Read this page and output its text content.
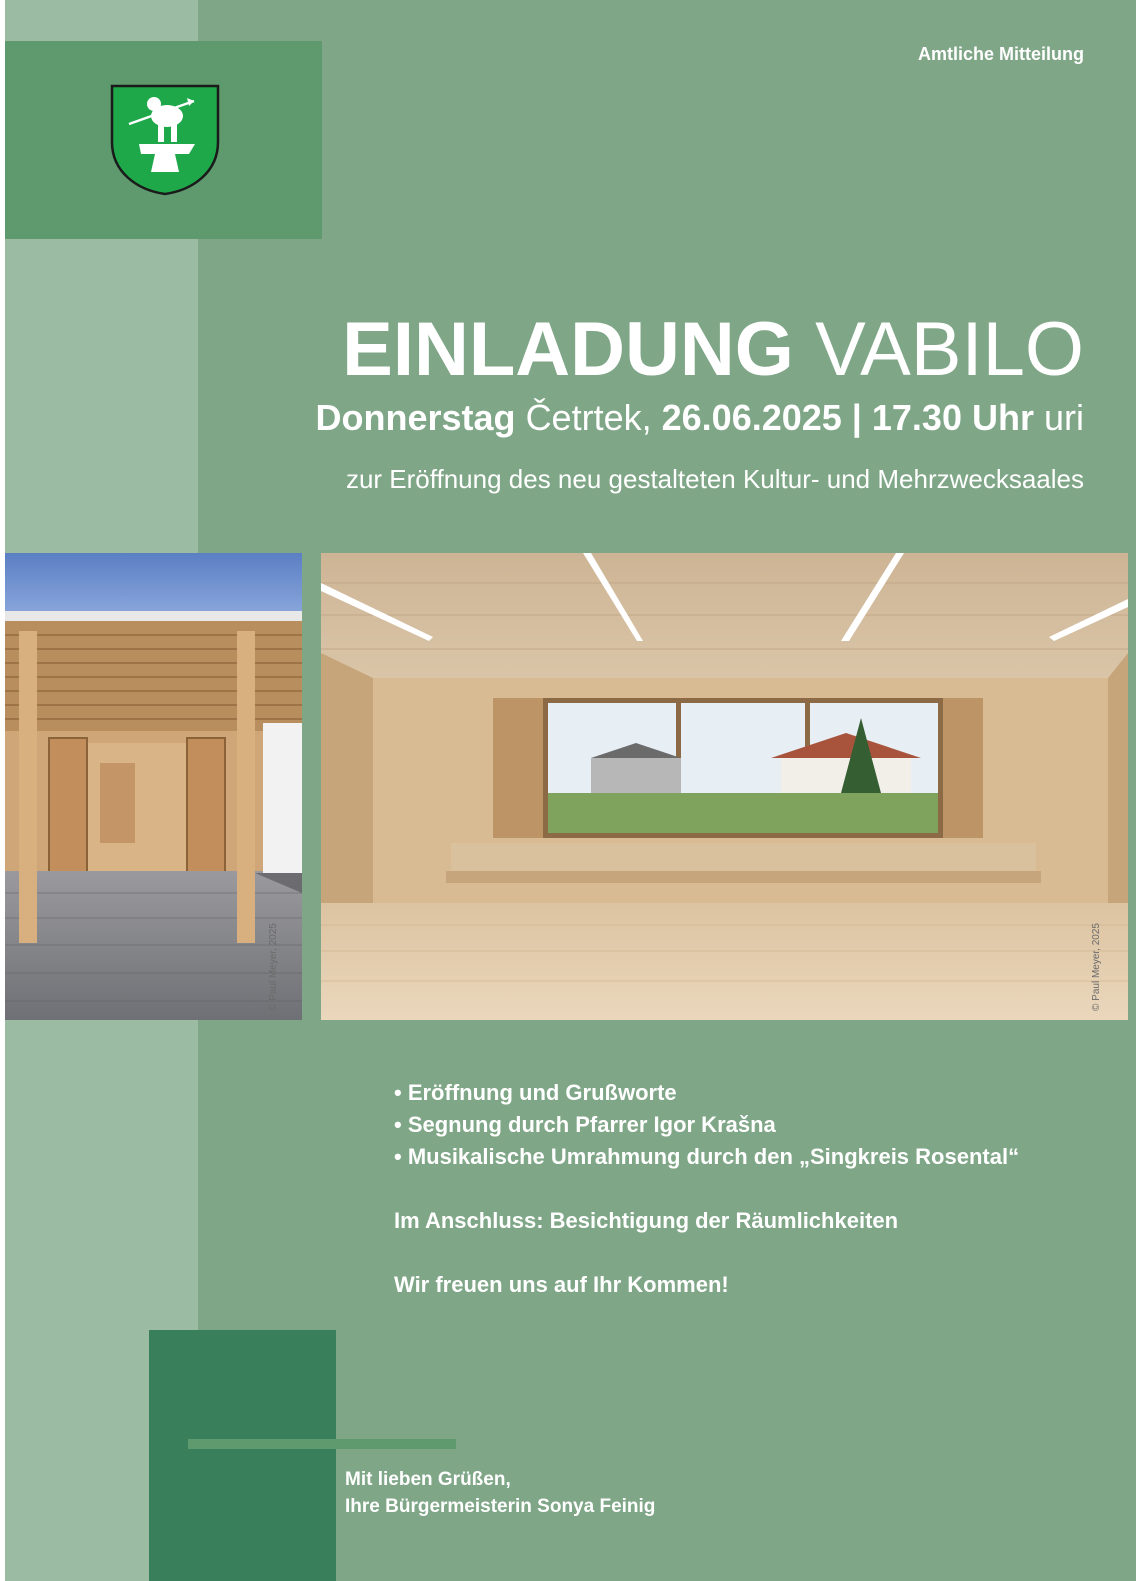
Amtliche Mitteilung
EINLADUNG VABILO
Donnerstag Četrtek, 26.06.2025 | 17.30 Uhr uri
zur Eröffnung des neu gestalteten Kultur- und Mehrzwecksaales
© Paul Meyer, 2025	© Paul Meyer, 2025
• Eröffnung und Grußworte
• Segnung durch Pfarrer Igor Krašna
• Musikalische Umrahmung durch den „Singkreis Rosental“
Im Anschluss: Besichtigung der Räumlichkeiten
Wir freuen uns auf Ihr Kommen!
Mit lieben Grüßen,
Ihre Bürgermeisterin Sonya Feinig
